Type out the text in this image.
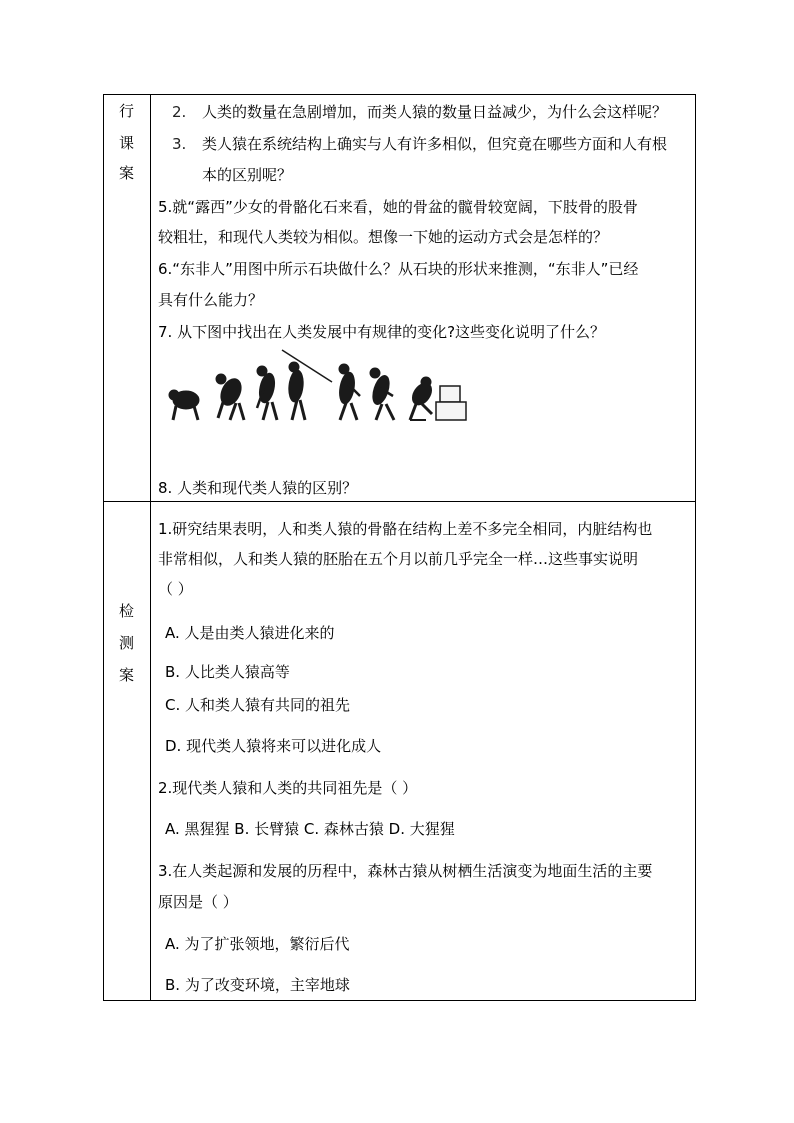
行
课
案
检
测
案
2. 人类的数量在急剧增加，而类人猿的数量日益减少，为什么会这样呢？
3. 类人猿在系统结构上确实与人有许多相似，但究竟在哪些方面和人有根
本的区别呢？
5.就“露西”少女的骨骼化石来看，她的骨盆的髋骨较宽阔，下肢骨的股骨
较粗壮，和现代人类较为相似。想像一下她的运动方式会是怎样的？
6.“东非人”用图中所示石块做什么？从石块的形状来推测，“东非人”已经
具有什么能力？
7. 从下图中找出在人类发展中有规律的变化?这些变化说明了什么？
8. 人类和现代类人猿的区别？
1.研究结果表明，人和类人猿的骨骼在结构上差不多完全相同，内脏结构也
非常相似，人和类人猿的胚胎在五个月以前几乎完全一样…这些事实说明
（ ）
A. 人是由类人猿进化来的
B. 人比类人猿高等
C. 人和类人猿有共同的祖先
D. 现代类人猿将来可以进化成人
2.现代类人猿和人类的共同祖先是（ ）
A. 黑猩猩 B. 长臂猿 C. 森林古猿 D. 大猩猩
3.在人类起源和发展的历程中，森林古猿从树栖生活演变为地面生活的主要
原因是（ ）
A. 为了扩张领地，繁衍后代
B. 为了改变环境，主宰地球
